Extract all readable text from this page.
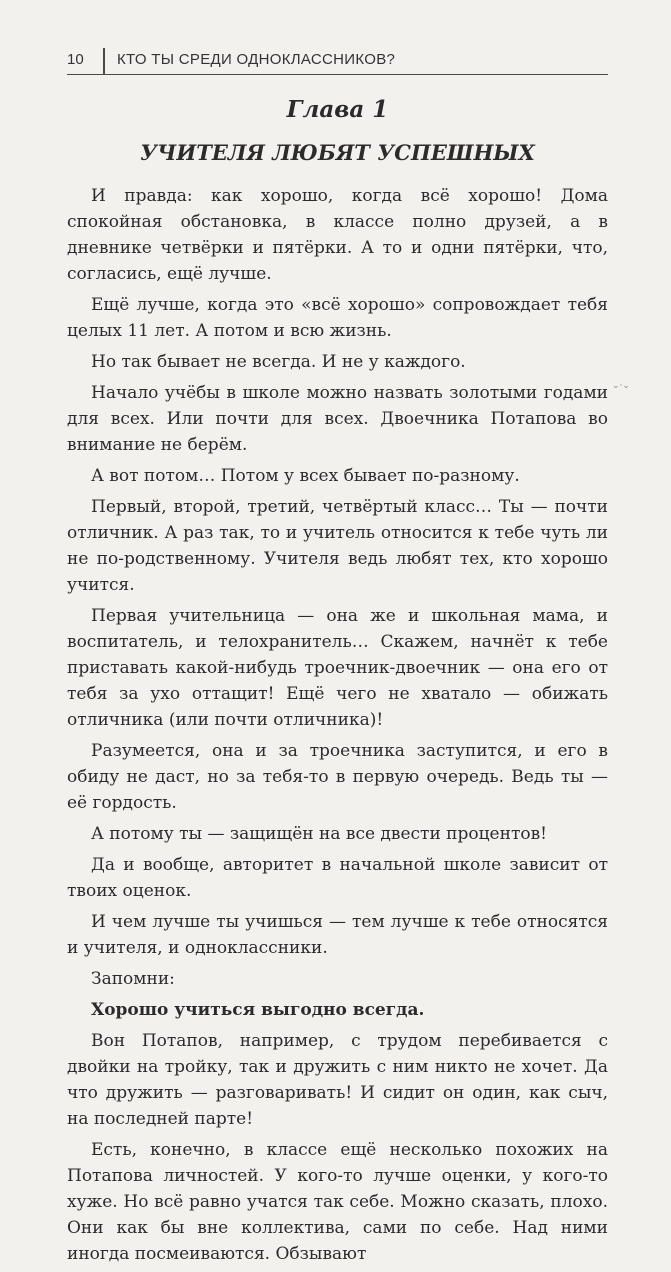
10 КТО ТЫ СРЕДИ ОДНОКЛАССНИКОВ?
Глава 1
УЧИТЕЛЯ ЛЮБЯТ УСПЕШНЫХ

И правда: как хорошо, когда всё хорошо! Дома спокойная обстановка, в классе полно друзей, а в дневнике четвёрки и пятёрки. А то и одни пятёрки, что, согласись, ещё лучше.

Ещё лучше, когда это «всё хорошо» сопровождает тебя целых 11 лет. А потом и всю жизнь.

Но так бывает не всегда. И не у каждого.

Начало учёбы в школе можно назвать золотыми годами для всех. Или почти для всех. Двоечника Потапова во внимание не берём.

А вот потом… Потом у всех бывает по-разному.

Первый, второй, третий, четвёртый класс… Ты — почти отличник. А раз так, то и учитель относится к тебе чуть ли не по-родственному. Учителя ведь любят тех, кто хорошо учится.

Первая учительница — она же и школьная мама, и воспитатель, и телохранитель… Скажем, начнёт к тебе приставать какой-нибудь троечник-двоечник — она его от тебя за ухо оттащит! Ещё чего не хватало — обижать отличника (или почти отличника)!

Разумеется, она и за троечника заступится, и его в обиду не даст, но за тебя-то в первую очередь. Ведь ты — её гордость.

А потому ты — защищён на все двести процентов!

Да и вообще, авторитет в начальной школе зависит от твоих оценок.

И чем лучше ты учишься — тем лучше к тебе относятся и учителя, и одноклассники.

Запомни:

Хорошо учиться выгодно всегда.

Вон Потапов, например, с трудом перебивается с двойки на тройку, так и дружить с ним никто не хочет. Да что дружить — разговаривать! И сидит он один, как сыч, на последней парте!

Есть, конечно, в классе ещё несколько похожих на Потапова личностей. У кого-то лучше оценки, у кого-то хуже. Но всё равно учатся так себе. Можно сказать, плохо. Они как бы вне коллектива, сами по себе. Над ними иногда посмеиваются. Обзывают

⌄·⌄
